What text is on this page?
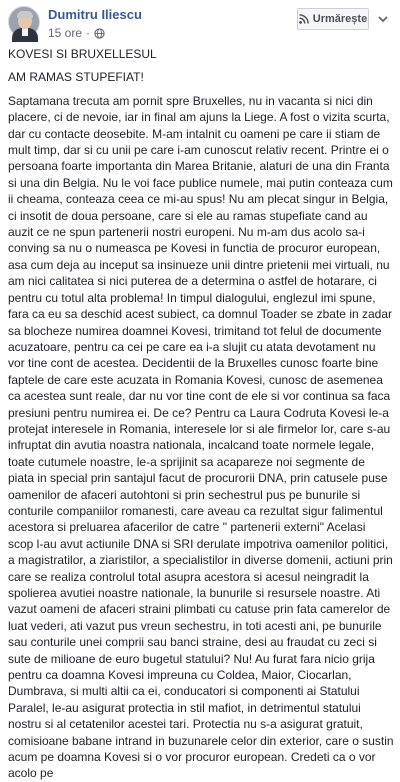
Dumitru Iliescu
15 ore ·
Urmărește

KOVESI SI BRUXELLESUL

AM RAMAS STUPEFIAT!

Saptamana trecuta am pornit spre Bruxelles, nu in vacanta si nici din placere, ci de nevoie, iar in final am ajuns la Liege. A fost o vizita scurta, dar cu contacte deosebite. M-am intalnit cu oameni pe care ii stiam de mult timp, dar si cu unii pe care i-am cunoscut relativ recent. Printre ei o persoana foarte importanta din Marea Britanie, alaturi de una din Franta si una din Belgia. Nu le voi face publice numele, mai putin conteaza cum ii cheama, conteaza ceea ce mi-au spus! Nu am plecat singur in Belgia, ci insotit de doua persoane, care si ele au ramas stupefiate cand au auzit ce ne spun partenerii nostri europeni. Nu m-am dus acolo sa-i conving sa nu o numeasca pe Kovesi in functia de procuror european, asa cum deja au inceput sa insinueze unii dintre prietenii mei virtuali, nu am nici calitatea si nici puterea de a determina o astfel de hotarare, ci pentru cu totul alta problema! In timpul dialogului, englezul imi spune, fara ca eu sa deschid acest subiect, ca domnul Toader se zbate in zadar sa blocheze numirea doamnei Kovesi, trimitand tot felul de documente acuzatoare, pentru ca cei pe care ea i-a slujit cu atata devotament nu vor tine cont de acestea. Decidentii de la Bruxelles cunosc foarte bine faptele de care este acuzata in Romania Kovesi, cunosc de asemenea ca acestea sunt reale, dar nu vor tine cont de ele si vor continua sa faca presiuni pentru numirea ei. De ce? Pentru ca Laura Codruta Kovesi le-a protejat interesele in Romania, interesele lor si ale firmelor lor, care s-au infruptat din avutia noastra nationala, incalcand toate normele legale, toate cutumele noastre, le-a sprijinit sa acapareze noi segmente de piata in special prin santajul facut de procurorii DNA, prin catusele puse oamenilor de afaceri autohtoni si prin sechestrul pus pe bunurile si conturile companiilor romanesti, care aveau ca rezultat sigur falimentul acestora si preluarea afacerilor de catre " partenerii externi" Acelasi scop l-au avut actiunile DNA si SRI derulate impotriva oamenilor politici, a magistratilor, a ziaristilor, a specialistilor in diverse domenii, actiuni prin care se realiza controlul total asupra acestora si acesul neingradit la spolierea avutiei noastre nationale, la bunurile si resursele noastre. Ati vazut oameni de afaceri straini plimbati cu catuse prin fata camerelor de luat vederi, ati vazut pus vreun sechestru, in toti acesti ani, pe bunurile sau conturile unei comprii sau banci straine, desi au fraudat cu zeci si sute de milioane de euro bugetul statului? Nu! Au furat fara nicio grija pentru ca doamna Kovesi impreuna cu Coldea, Maior, Ciocarlan, Dumbrava, si multi altii ca ei, conducatori si componenti ai Statului Paralel, le-au asigurat protectia in stil mafiot, in detrimentul statului nostru si al cetatenilor acestei tari. Protectia nu s-a asigurat gratuit, comisioane babane intrand in buzunarele celor din exterior, care o sustin acum pe doamna Kovesi si o vor procuror european. Credeti ca o vor acolo pe
